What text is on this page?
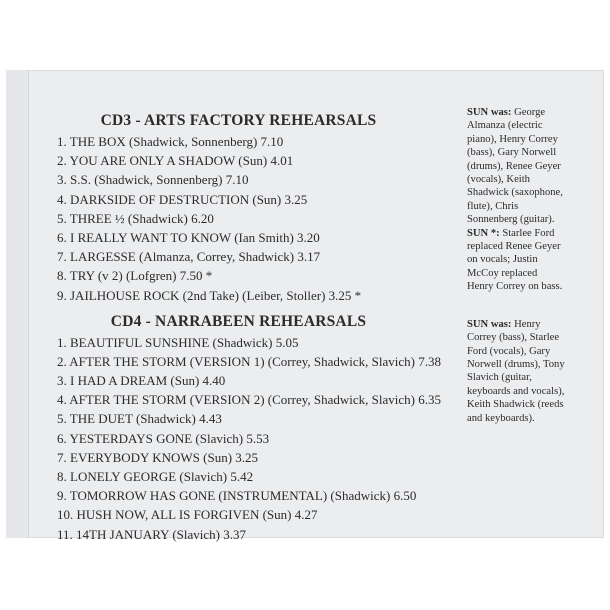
CD3 - ARTS FACTORY REHEARSALS
1. THE BOX (Shadwick, Sonnenberg) 7.10
2. YOU ARE ONLY A SHADOW (Sun) 4.01
3. S.S. (Shadwick, Sonnenberg) 7.10
4. DARKSIDE OF DESTRUCTION (Sun) 3.25
5. THREE ½ (Shadwick) 6.20
6. I REALLY WANT TO KNOW (Ian Smith) 3.20
7. LARGESSE (Almanza, Correy, Shadwick) 3.17
8. TRY (v 2) (Lofgren) 7.50 *
9. JAILHOUSE ROCK (2nd Take) (Leiber, Stoller) 3.25 *
CD4 - NARRABEEN REHEARSALS
1. BEAUTIFUL SUNSHINE (Shadwick) 5.05
2. AFTER THE STORM (VERSION 1) (Correy, Shadwick, Slavich) 7.38
3. I HAD A DREAM (Sun) 4.40
4. AFTER THE STORM (VERSION 2) (Correy, Shadwick, Slavich) 6.35
5. THE DUET (Shadwick) 4.43
6. YESTERDAYS GONE (Slavich) 5.53
7. EVERYBODY KNOWS (Sun) 3.25
8. LONELY GEORGE (Slavich) 5.42
9. TOMORROW HAS GONE (INSTRUMENTAL) (Shadwick) 6.50
10. HUSH NOW, ALL IS FORGIVEN (Sun) 4.27
11. 14TH JANUARY (Slavich) 3.37

SUN was: George Almanza (electric piano), Henry Correy (bass), Gary Norwell (drums), Renee Geyer (vocals), Keith Shadwick (saxophone, flute), Chris Sonnenberg (guitar).

SUN *: Starlee Ford replaced Renee Geyer on vocals; Justin McCoy replaced Henry Correy on bass.

SUN was: Henry Correy (bass), Starlee Ford (vocals), Gary Norwell (drums), Tony Slavich (guitar, keyboards and vocals), Keith Shadwick (reeds and keyboards).
